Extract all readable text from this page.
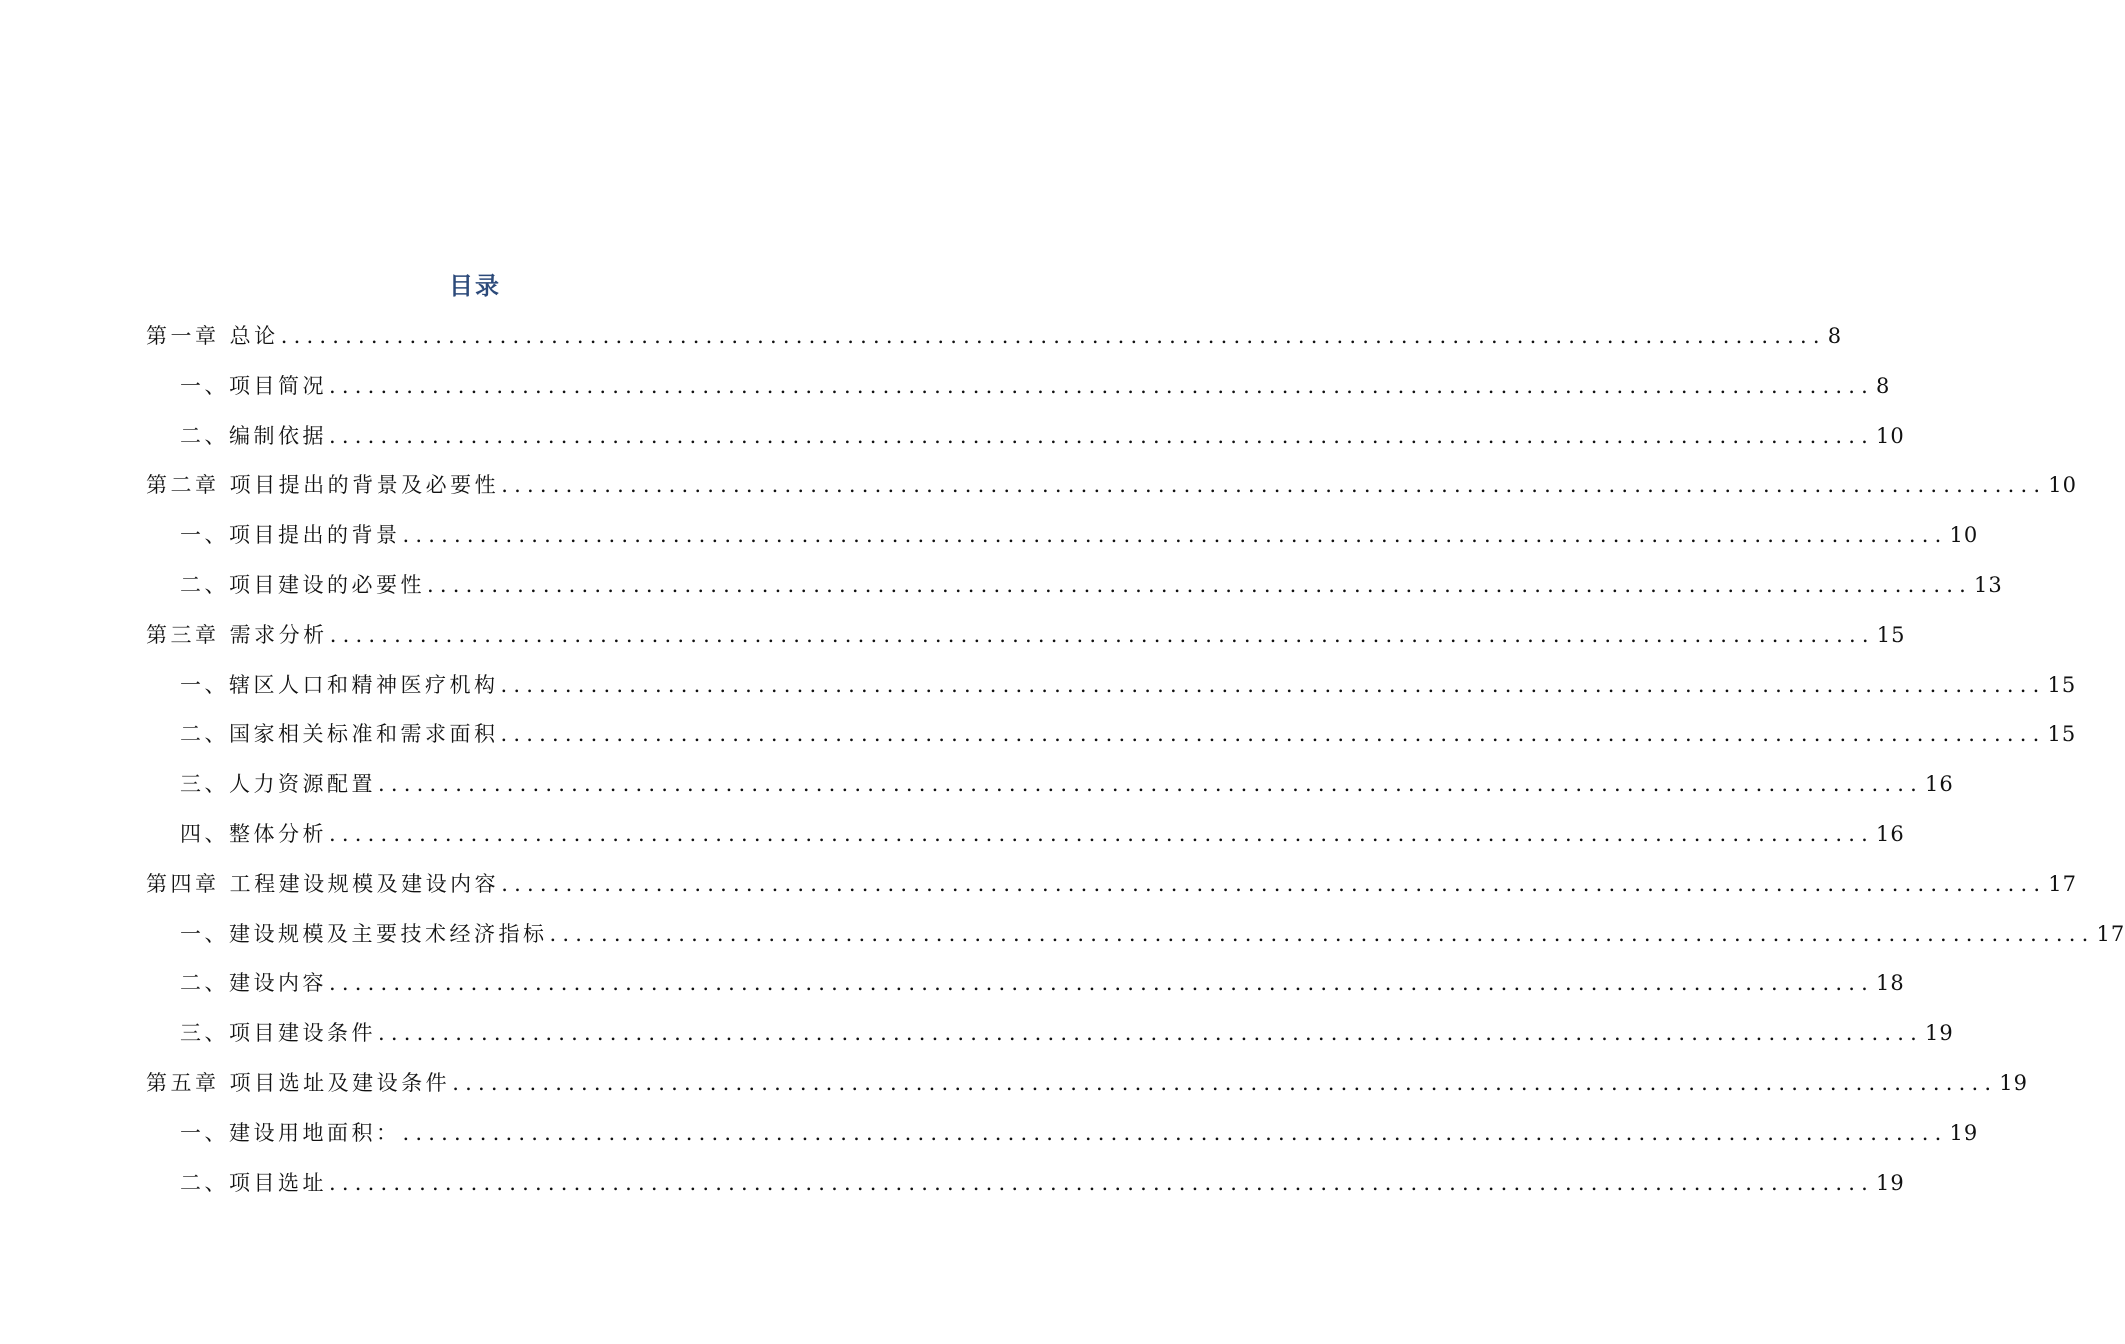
目录
第一章 总论 ........................................................................................................................ 8
一、项目简况 ........................................................................................................................ 8
二、编制依据 ........................................................................................................................ 10
第二章 项目提出的背景及必要性 ........................................................................................................................ 10
一、项目提出的背景 ........................................................................................................................ 10
二、项目建设的必要性 ........................................................................................................................ 13
第三章 需求分析 ........................................................................................................................ 15
一、辖区人口和精神医疗机构 ........................................................................................................................ 15
二、国家相关标准和需求面积 ........................................................................................................................ 15
三、人力资源配置 ........................................................................................................................ 16
四、整体分析 ........................................................................................................................ 16
第四章 工程建设规模及建设内容 ........................................................................................................................ 17
一、建设规模及主要技术经济指标 ........................................................................................................................ 17
二、建设内容 ........................................................................................................................ 18
三、项目建设条件 ........................................................................................................................ 19
第五章 项目选址及建设条件 ........................................................................................................................ 19
一、建设用地面积： ........................................................................................................................ 19
二、项目选址 ........................................................................................................................ 19
